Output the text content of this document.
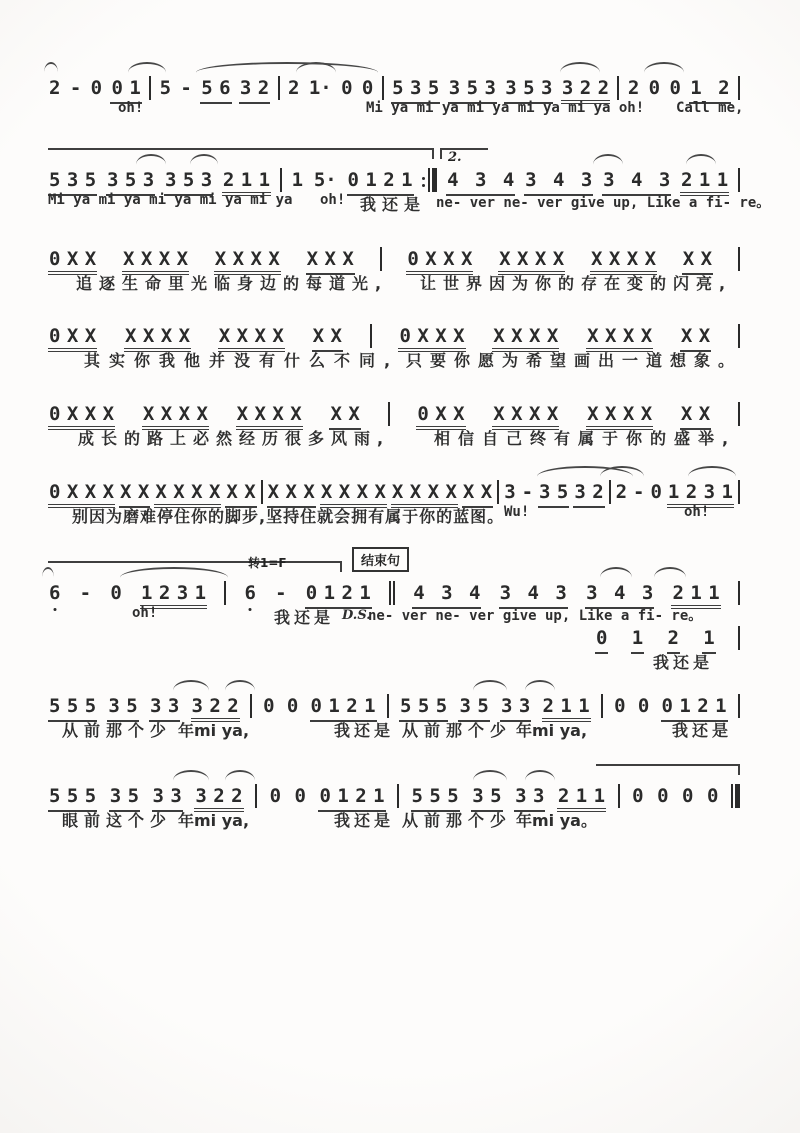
2 - 0 0 1 5 - 5 6 3 2 2 1· 0 0 5 3 5 3 5 3 3 5 3 3 2 2 2 0 0 1 2
oh!	Mi ya mi ya mi ya mi ya mi ya oh! Call me,
5 3 5 3 5 3 3 5 3 2 1 1 1 5· 0 1 2 1 4 3 4 3 4 3 3 4 3 2 1 1
2.
Mi ya mi ya mi ya mi ya mi ya oh! 我还是 ne- ver ne- ver give up, Like a fi- re。
0 X X X X X X X X X X X X X	0 X X X X X X X X X X X X X
追逐生命里光临身边的每道光, 让世界因为你的存在变的闪亮,
0 X X X X X X X X X X X X	0 X X X X X X X X X X X X X
其实你我他并没有什么不同, 只要你愿为希望画出一道想象。
0 X X X X X X X X X X X X X	0 X X X X X X X X X X X X
成长的路上必然经历很多风雨,	相信自己终有属于你的盛举,
0 X X X X X X X X X X X X X X X X X X X X X X X X 3 - 3 5 3 2 2 - 0 1 2 3 1
别因为磨难停住你的脚步,坚持住就会拥有属于你的蓝图。 Wu!	oh!
6 - 0 1 2 3 1 6 - 0 1 2 1 4 3 4 3 4 3 3 4 3 2 1 1
转1=F	结束句
oh!	我还是 D.S.
ne- ver ne- ver give up, Like a fi- re。
0 1 2 1
我还是
5 5 5 3 5 3 3 3 2 2 0 0 0 1 2 1 5 5 5 3 5 3 3 2 1 1 0 0 0 1 2 1
从前那个少 年mi ya,	我还是 从前那个少 年mi ya,	我还是
5 5 5 3 5 3 3 3 2 2 0 0 0 1 2 1 5 5 5 3 5 3 3 2 1 1 0 0 0 0
眼前这个少 年mi ya,	我还是 从前那个少 年mi ya。
